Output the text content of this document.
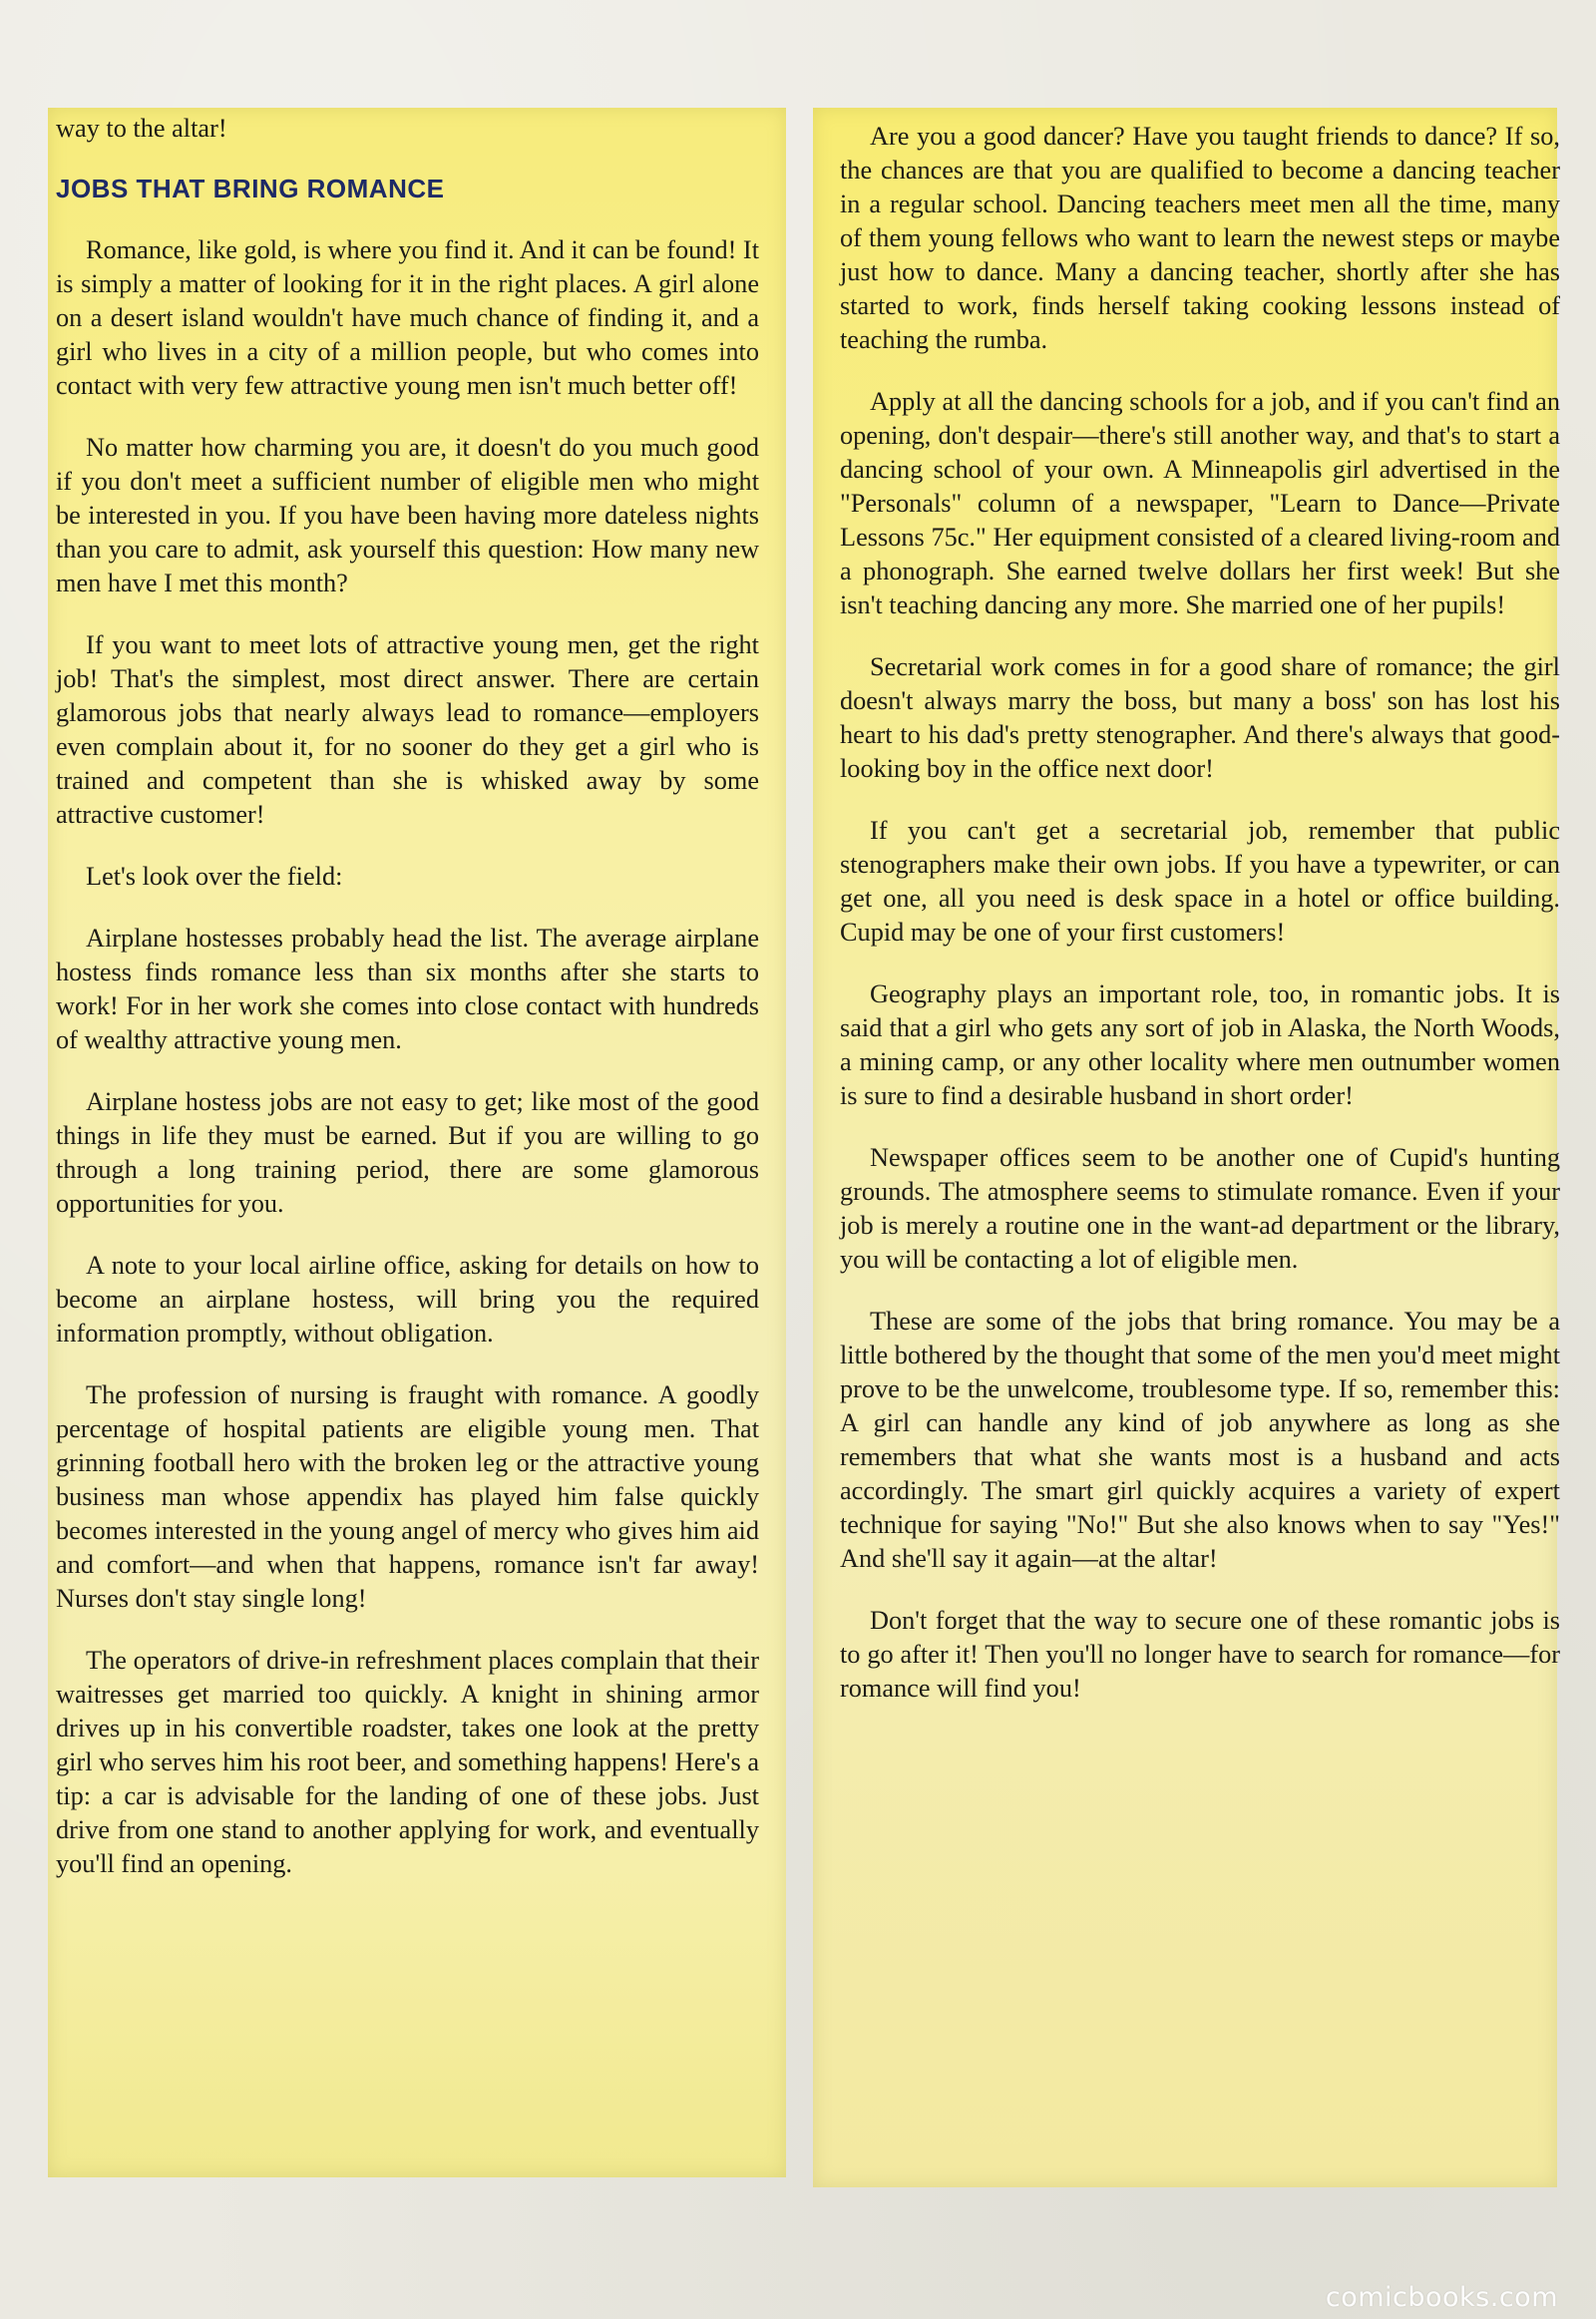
way to the altar!

JOBS THAT BRING ROMANCE

Romance, like gold, is where you find it. And it can be found! It is simply a matter of looking for it in the right places. A girl alone on a desert island wouldn't have much chance of finding it, and a girl who lives in a city of a million people, but who comes into contact with very few attractive young men isn't much better off!

No matter how charming you are, it doesn't do you much good if you don't meet a sufficient number of eligible men who might be interested in you. If you have been having more dateless nights than you care to admit, ask yourself this question: How many new men have I met this month?

If you want to meet lots of attractive young men, get the right job! That's the simplest, most direct answer. There are certain glamorous jobs that nearly always lead to romance—employers even complain about it, for no sooner do they get a girl who is trained and competent than she is whisked away by some attractive customer!

Let's look over the field:

Airplane hostesses probably head the list. The average airplane hostess finds romance less than six months after she starts to work! For in her work she comes into close contact with hundreds of wealthy attractive young men.

Airplane hostess jobs are not easy to get; like most of the good things in life they must be earned. But if you are willing to go through a long training period, there are some glamorous opportunities for you.

A note to your local airline office, asking for details on how to become an airplane hostess, will bring you the required information promptly, without obligation.

The profession of nursing is fraught with romance. A goodly percentage of hospital patients are eligible young men. That grinning football hero with the broken leg or the attractive young business man whose appendix has played him false quickly becomes interested in the young angel of mercy who gives him aid and comfort—and when that happens, romance isn't far away! Nurses don't stay single long!

The operators of drive-in refreshment places complain that their waitresses get married too quickly. A knight in shining armor drives up in his convertible roadster, takes one look at the pretty girl who serves him his root beer, and something happens! Here's a tip: a car is advisable for the landing of one of these jobs. Just drive from one stand to another applying for work, and eventually you'll find an opening.

Are you a good dancer? Have you taught friends to dance? If so, the chances are that you are qualified to become a dancing teacher in a regular school. Dancing teachers meet men all the time, many of them young fellows who want to learn the newest steps or maybe just how to dance. Many a dancing teacher, shortly after she has started to work, finds herself taking cooking lessons instead of teaching the rumba.

Apply at all the dancing schools for a job, and if you can't find an opening, don't despair—there's still another way, and that's to start a dancing school of your own. A Minneapolis girl advertised in the "Personals" column of a newspaper, "Learn to Dance—Private Lessons 75c." Her equipment consisted of a cleared living-room and a phonograph. She earned twelve dollars her first week! But she isn't teaching dancing any more. She married one of her pupils!

Secretarial work comes in for a good share of romance; the girl doesn't always marry the boss, but many a boss' son has lost his heart to his dad's pretty stenographer. And there's always that good-looking boy in the office next door!

If you can't get a secretarial job, remember that public stenographers make their own jobs. If you have a typewriter, or can get one, all you need is desk space in a hotel or office building. Cupid may be one of your first customers!

Geography plays an important role, too, in romantic jobs. It is said that a girl who gets any sort of job in Alaska, the North Woods, a mining camp, or any other locality where men outnumber women is sure to find a desirable husband in short order!

Newspaper offices seem to be another one of Cupid's hunting grounds. The atmosphere seems to stimulate romance. Even if your job is merely a routine one in the want-ad department or the library, you will be contacting a lot of eligible men.

These are some of the jobs that bring romance. You may be a little bothered by the thought that some of the men you'd meet might prove to be the unwelcome, troublesome type. If so, remember this: A girl can handle any kind of job anywhere as long as she remembers that what she wants most is a husband and acts accordingly. The smart girl quickly acquires a variety of expert technique for saying "No!" But she also knows when to say "Yes!" And she'll say it again—at the altar!

Don't forget that the way to secure one of these romantic jobs is to go after it! Then you'll no longer have to search for romance—for romance will find you!

comicbooks.com
